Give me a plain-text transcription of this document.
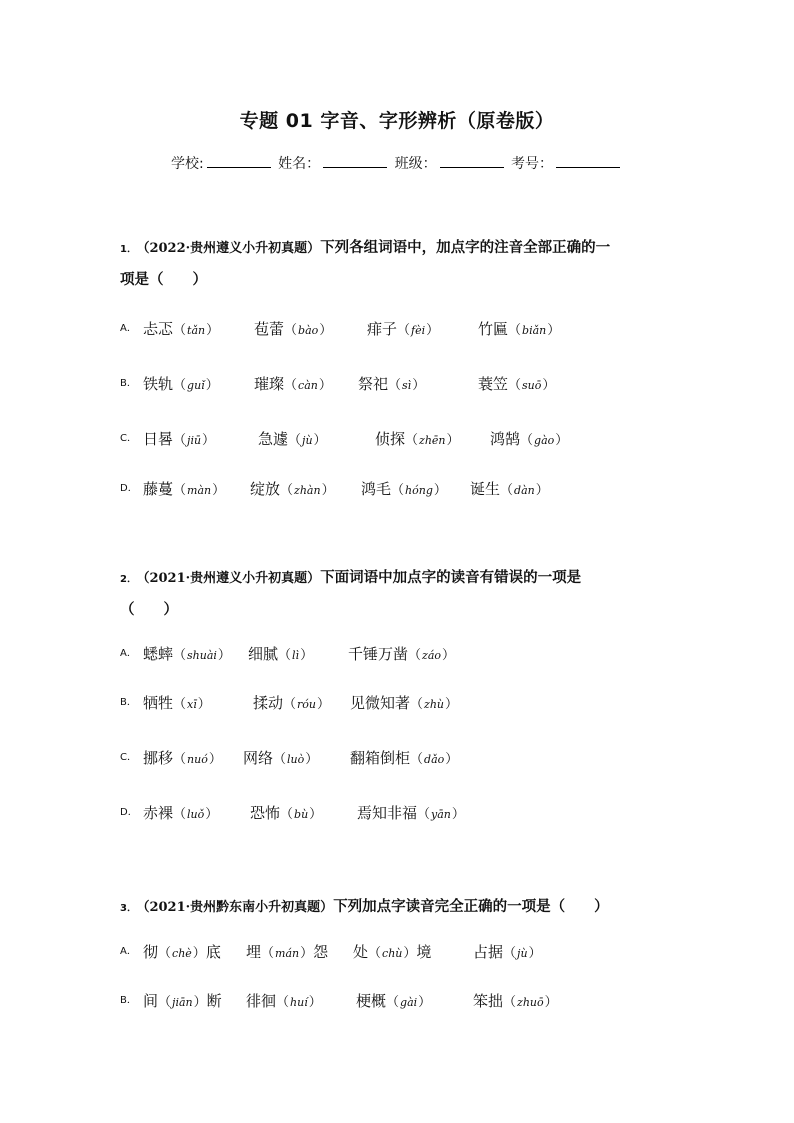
专题 01 字音、字形辨析（原卷版）
学校:	姓名：	班级：	考号：
1． （2022·贵州遵义小升初真题）下列各组词语中，加点字的注音全部正确的一
项是（　　）
A． 忐忑（tǎn） 苞蕾（bào） 痱子（fèi）	竹匾（biǎn）
B． 铁轨（guǐ） 璀璨（càn） 祭祀（sì）	蓑笠（suō）
C． 日晷（jiū）	急遽（jù）	侦探（zhēn） 鸿鹄（gào）
D． 藤蔓（màn） 绽放（zhàn） 鸿毛（hóng） 诞生（dàn）
2． （2021·贵州遵义小升初真题）下面词语中加点字的读音有错误的一项是
（　　）
A． 蟋蟀（shuài） 细腻（lì） 千锤万凿（záo）
B． 牺牲（xī）	揉动（róu） 见微知著（zhù）
C． 挪移（nuó） 网络（luò） 翻箱倒柜（dǎo）
D． 赤裸（luǒ） 恐怖（bù） 焉知非福（yān）
3． （2021·贵州黔东南小升初真题）下列加点字读音完全正确的一项是（　　）
A． 彻（chè）底 埋（mán）怨 处（chù）境	占据（jù）
B． 间（jiān）断 徘徊（huí） 梗概（gài）	笨拙（zhuō）
